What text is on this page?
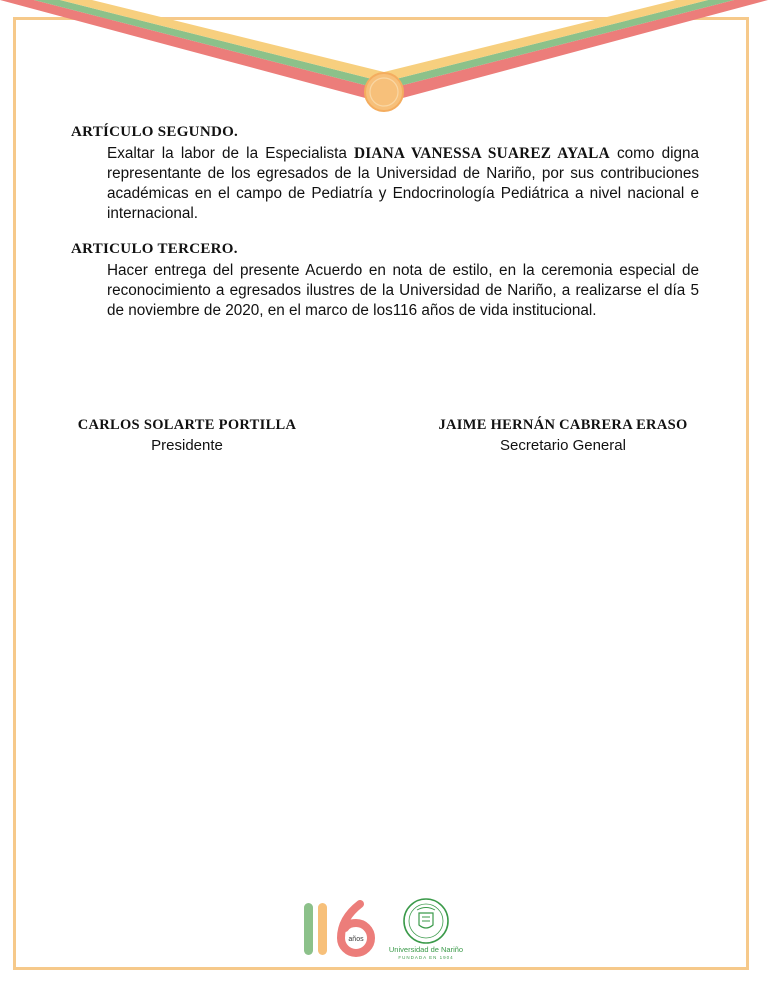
ARTÍCULO SEGUNDO.
Exaltar la labor de la Especialista DIANA VANESSA SUAREZ AYALA como digna representante de los egresados de la Universidad de Nariño, por sus contribuciones académicas en el campo de Pediatría y Endocrinología Pediátrica a nivel nacional e internacional.
ARTICULO TERCERO.
Hacer entrega del presente Acuerdo en nota de estilo, en la ceremonia especial de reconocimiento a egresados ilustres de la Universidad de Nariño, a realizarse el día 5 de noviembre de 2020, en el marco de los116 años de vida institucional.
CARLOS SOLARTE PORTILLA
Presidente
JAIME HERNÁN CABRERA ERASO
Secretario General
años
Universidad de Nariño
FUNDADA EN 1904
